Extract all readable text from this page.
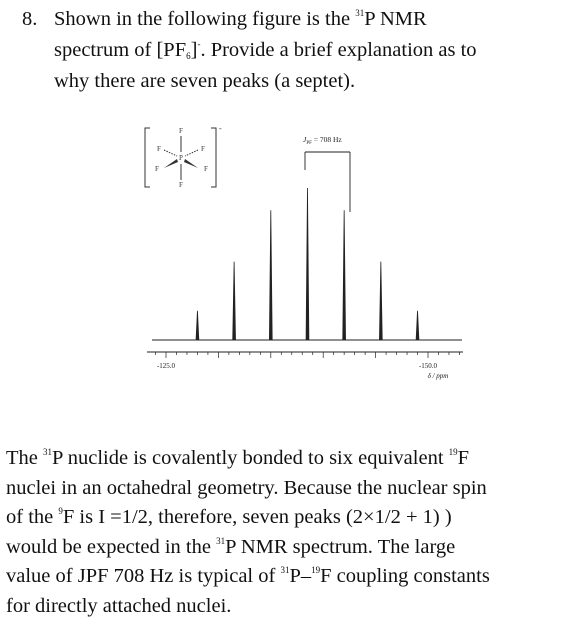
8. Shown in the following figure is the $^{31}$P NMR
spectrum of $[PF_6]^-$. Provide a brief explanation as to
why there are seven peaks (a septet).
-
P
F
F
F	F
F	F
$J_{PF} = 708$ Hz
-125.0	-150.0
δ / ppm
The $^{31}$P nuclide is covalently bonded to six equivalent $^{19}$F
nuclei in an octahedral geometry. Because the nuclear spin
of the $^9$F is I =1/2, therefore, seven peaks (2×1/2 + 1) )
would be expected in the $^{31}$P NMR spectrum. The large
value of JPF 708 Hz is typical of $^{31}$P–$^{19}$F coupling constants
for directly attached nuclei.
